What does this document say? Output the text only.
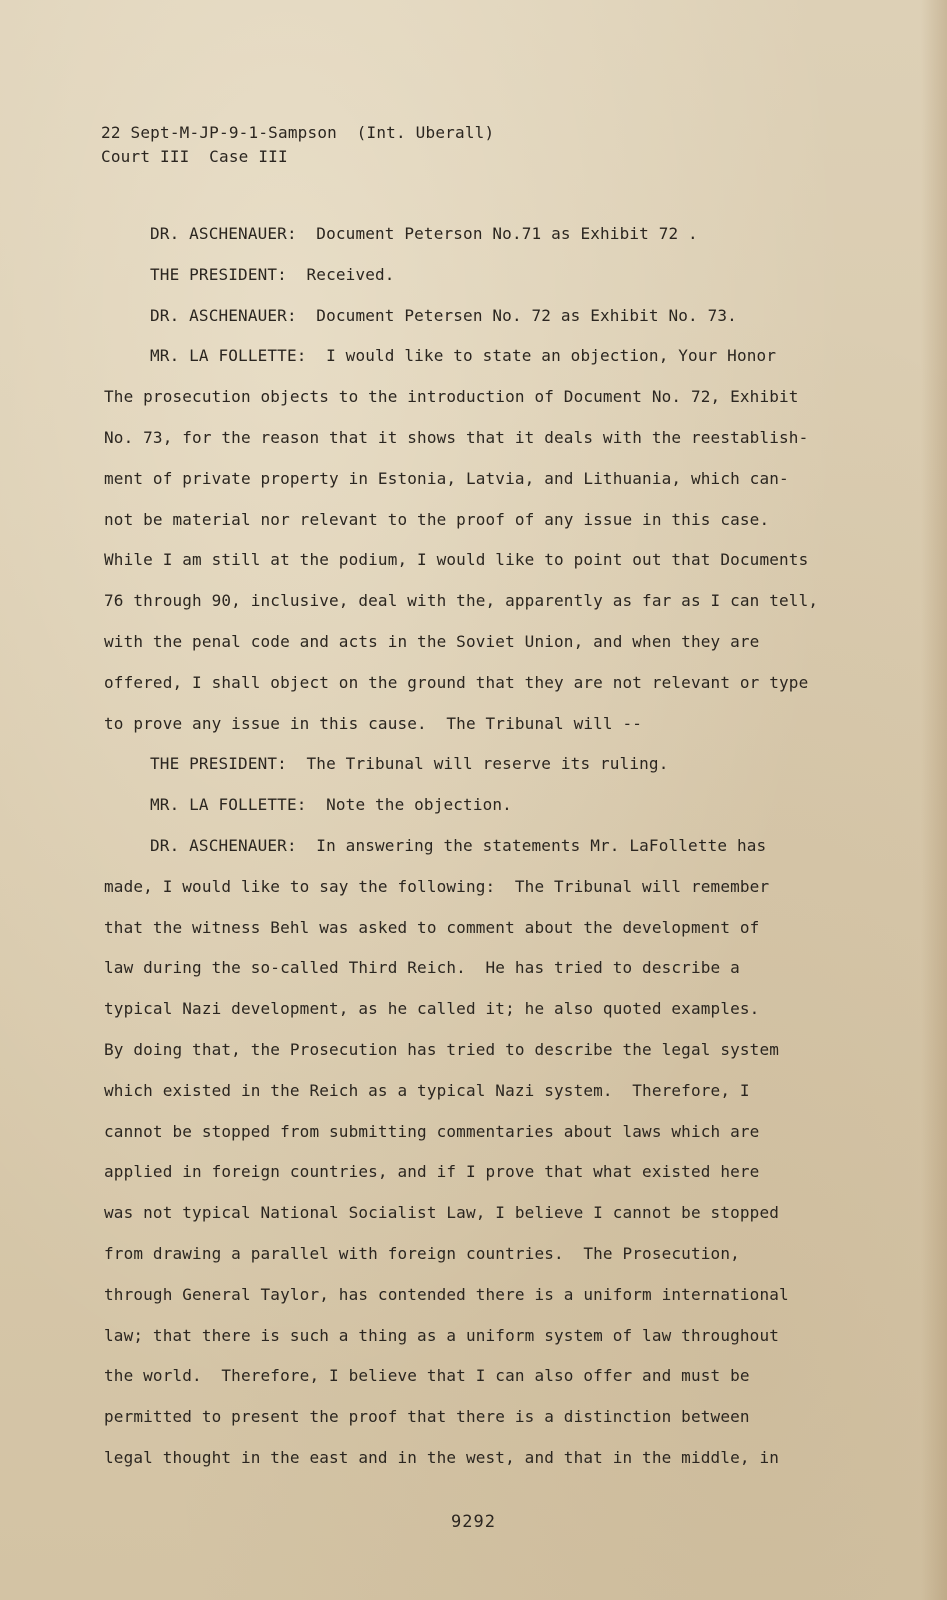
22 Sept-M-JP-9-1-Sampson  (Int. Uberall)
Court III  Case III
DR. ASCHENAUER:  Document Peterson No.71 as Exhibit 72 .
THE PRESIDENT:  Received.
DR. ASCHENAUER:  Document Petersen No. 72 as Exhibit No. 73.
MR. LA FOLLETTE:  I would like to state an objection, Your Honor
The prosecution objects to the introduction of Document No. 72, Exhibit
No. 73, for the reason that it shows that it deals with the reestablish-
ment of private property in Estonia, Latvia, and Lithuania, which can-
not be material nor relevant to the proof of any issue in this case.
While I am still at the podium, I would like to point out that Documents
76 through 90, inclusive, deal with the, apparently as far as I can tell,
with the penal code and acts in the Soviet Union, and when they are
offered, I shall object on the ground that they are not relevant or type
to prove any issue in this cause.  The Tribunal will --
THE PRESIDENT:  The Tribunal will reserve its ruling.
MR. LA FOLLETTE:  Note the objection.
DR. ASCHENAUER:  In answering the statements Mr. LaFollette has
made, I would like to say the following:  The Tribunal will remember
that the witness Behl was asked to comment about the development of
law during the so-called Third Reich.  He has tried to describe a
typical Nazi development, as he called it; he also quoted examples.
By doing that, the Prosecution has tried to describe the legal system
which existed in the Reich as a typical Nazi system.  Therefore, I
cannot be stopped from submitting commentaries about laws which are
applied in foreign countries, and if I prove that what existed here
was not typical National Socialist Law, I believe I cannot be stopped
from drawing a parallel with foreign countries.  The Prosecution,
through General Taylor, has contended there is a uniform international
law; that there is such a thing as a uniform system of law throughout
the world.  Therefore, I believe that I can also offer and must be
permitted to present the proof that there is a distinction between
legal thought in the east and in the west, and that in the middle, in
9292
